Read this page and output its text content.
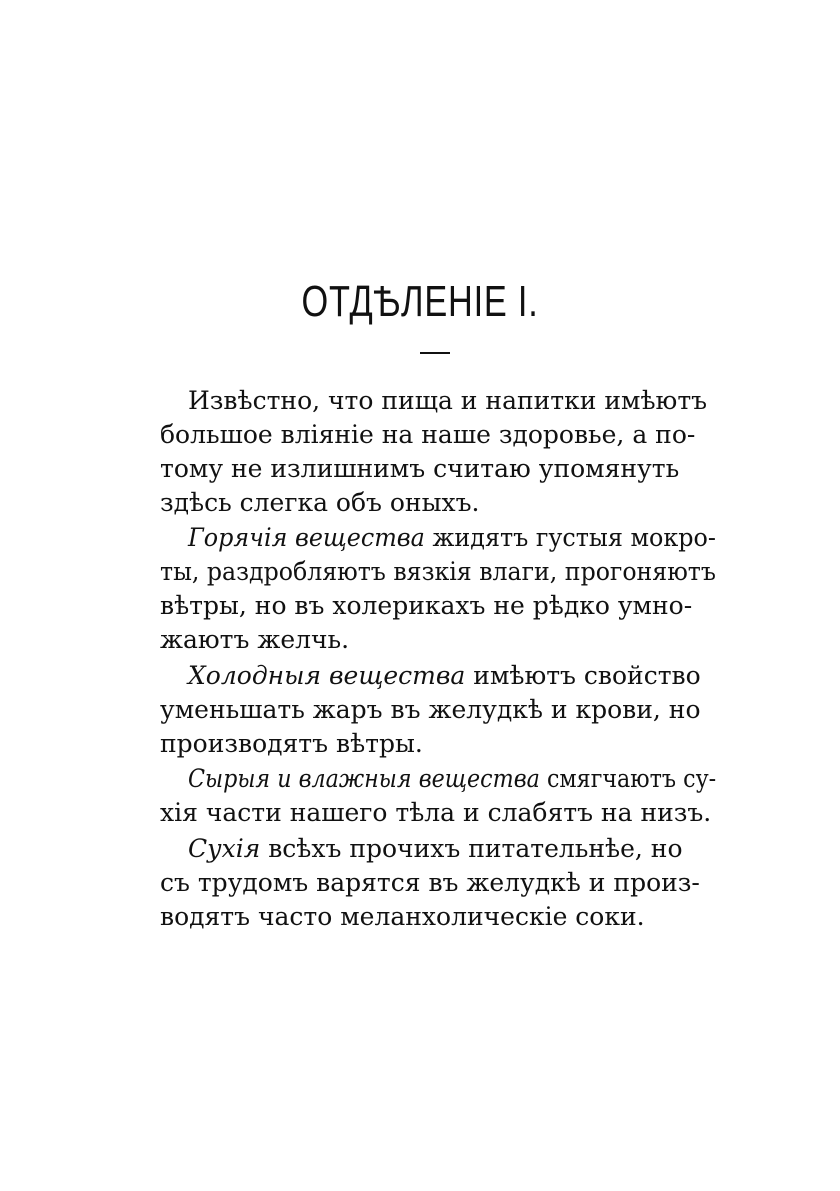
ОТДѢЛЕНIЕ I.
Извѣстно, что пища и напитки имѣютъ
большое вліяніе на наше здоровье, а по-
тому не излишнимъ считаю упомянуть
здѣсь слегка объ оныхъ.
Горячія вещества жидятъ густыя мокро-
ты, раздробляютъ вязкія влаги, прогоняютъ
вѣтры, но въ холерикахъ не рѣдко умно-
жаютъ желчь.
Холодныя вещества имѣютъ свойство
уменьшать жаръ въ желудкѣ и крови, но
производятъ вѣтры.
Сырыя и влажныя вещества смягчаютъ су-
хія части нашего тѣла и слабятъ на низъ.
Сухія всѣхъ прочихъ питательнѣе, но
съ трудомъ варятся въ желудкѣ и произ-
водятъ часто меланхолическіе соки.
